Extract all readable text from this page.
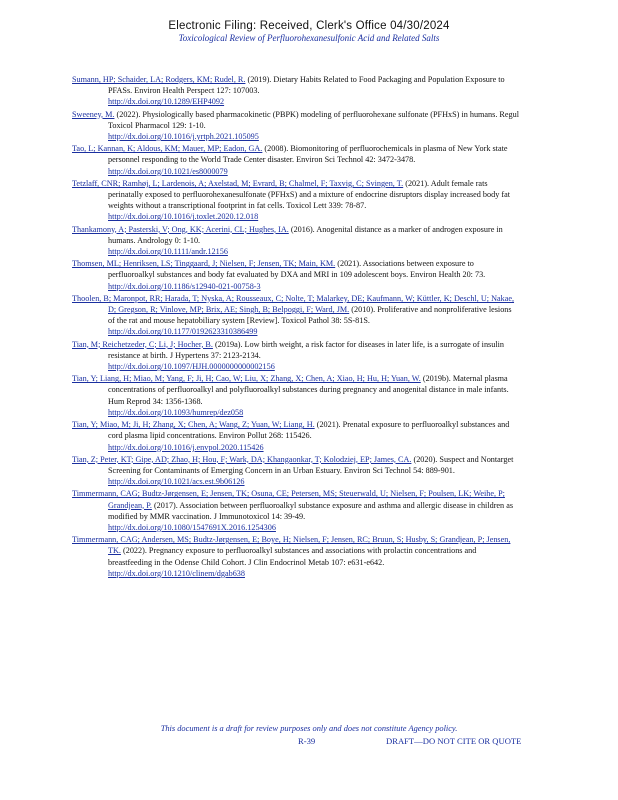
Electronic Filing: Received, Clerk's Office 04/30/2024
Toxicological Review of Perfluorohexanesulfonic Acid and Related Salts
Sumann, HP; Schaider, LA; Rodgers, KM; Rudel, R. (2019). Dietary Habits Related to Food Packaging and Population Exposure to PFASs. Environ Health Perspect 127: 107003.
http://dx.doi.org/10.1289/EHP4092
Sweeney, M. (2022). Physiologically based pharmacokinetic (PBPK) modeling of perfluorohexane sulfonate (PFHxS) in humans. Regul Toxicol Pharmacol 129: 1-10.
http://dx.doi.org/10.1016/j.yrtph.2021.105095
Tao, L; Kannan, K; Aldous, KM; Mauer, MP; Eadon, GA. (2008). Biomonitoring of perfluorochemicals in plasma of New York state personnel responding to the World Trade Center disaster. Environ Sci Technol 42: 3472-3478.
http://dx.doi.org/10.1021/es8000079
Tetzlaff, CNR; Ramhøj, L; Lardenois, A; Axelstad, M; Evrard, B; Chalmel, F; Taxvig, C; Svingen, T. (2021). Adult female rats perinatally exposed to perfluorohexanesulfonate (PFHxS) and a mixture of endocrine disruptors display increased body fat weights without a transcriptional footprint in fat cells. Toxicol Lett 339: 78-87.
http://dx.doi.org/10.1016/j.toxlet.2020.12.018
Thankamony, A; Pasterski, V; Ong, KK; Acerini, CL; Hughes, IA. (2016). Anogenital distance as a marker of androgen exposure in humans. Andrology 0: 1-10.
http://dx.doi.org/10.1111/andr.12156
Thomsen, ML; Henriksen, LS; Tinggaard, J; Nielsen, F; Jensen, TK; Main, KM. (2021). Associations between exposure to perfluoroalkyl substances and body fat evaluated by DXA and MRI in 109 adolescent boys. Environ Health 20: 73.
http://dx.doi.org/10.1186/s12940-021-00758-3
Thoolen, B; Maronpot, RR; Harada, T; Nyska, A; Rousseaux, C; Nolte, T; Malarkey, DE; Kaufmann, W; Küttler, K; Deschl, U; Nakae, D; Gregson, R; Vinlove, MP; Brix, AE; Singh, B; Belpoggi, F; Ward, JM. (2010). Proliferative and nonproliferative lesions of the rat and mouse hepatobiliary system [Review]. Toxicol Pathol 38: 5S-81S.
http://dx.doi.org/10.1177/0192623310386499
Tian, M; Reichetzeder, C; Li, J; Hocher, B. (2019a). Low birth weight, a risk factor for diseases in later life, is a surrogate of insulin resistance at birth. J Hypertens 37: 2123-2134.
http://dx.doi.org/10.1097/HJH.0000000000002156
Tian, Y; Liang, H; Miao, M; Yang, F; Ji, H; Cao, W; Liu, X; Zhang, X; Chen, A; Xiao, H; Hu, H; Yuan, W. (2019b). Maternal plasma concentrations of perfluoroalkyl and polyfluoroalkyl substances during pregnancy and anogenital distance in male infants. Hum Reprod 34: 1356-1368.
http://dx.doi.org/10.1093/humrep/dez058
Tian, Y; Miao, M; Ji, H; Zhang, X; Chen, A; Wang, Z; Yuan, W; Liang, H. (2021). Prenatal exposure to perfluoroalkyl substances and cord plasma lipid concentrations. Environ Pollut 268: 115426.
http://dx.doi.org/10.1016/j.envpol.2020.115426
Tian, Z; Peter, KT; Gipe, AD; Zhao, H; Hou, F; Wark, DA; Khangaonkar, T; Kolodziej, EP; James, CA. (2020). Suspect and Nontarget Screening for Contaminants of Emerging Concern in an Urban Estuary. Environ Sci Technol 54: 889-901.
http://dx.doi.org/10.1021/acs.est.9b06126
Timmermann, CAG; Budtz-Jørgensen, E; Jensen, TK; Osuna, CE; Petersen, MS; Steuerwald, U; Nielsen, F; Poulsen, LK; Weihe, P; Grandjean, P. (2017). Association between perfluoroalkyl substance exposure and asthma and allergic disease in children as modified by MMR vaccination. J Immunotoxicol 14: 39-49.
http://dx.doi.org/10.1080/1547691X.2016.1254306
Timmermann, CAG; Andersen, MS; Budtz-Jørgensen, E; Boye, H; Nielsen, F; Jensen, RC; Bruun, S; Husby, S; Grandjean, P; Jensen, TK. (2022). Pregnancy exposure to perfluoroalkyl substances and associations with prolactin concentrations and breastfeeding in the Odense Child Cohort. J Clin Endocrinol Metab 107: e631-e642.
http://dx.doi.org/10.1210/clinem/dgab638
This document is a draft for review purposes only and does not constitute Agency policy.
R-39	DRAFT—DO NOT CITE OR QUOTE
